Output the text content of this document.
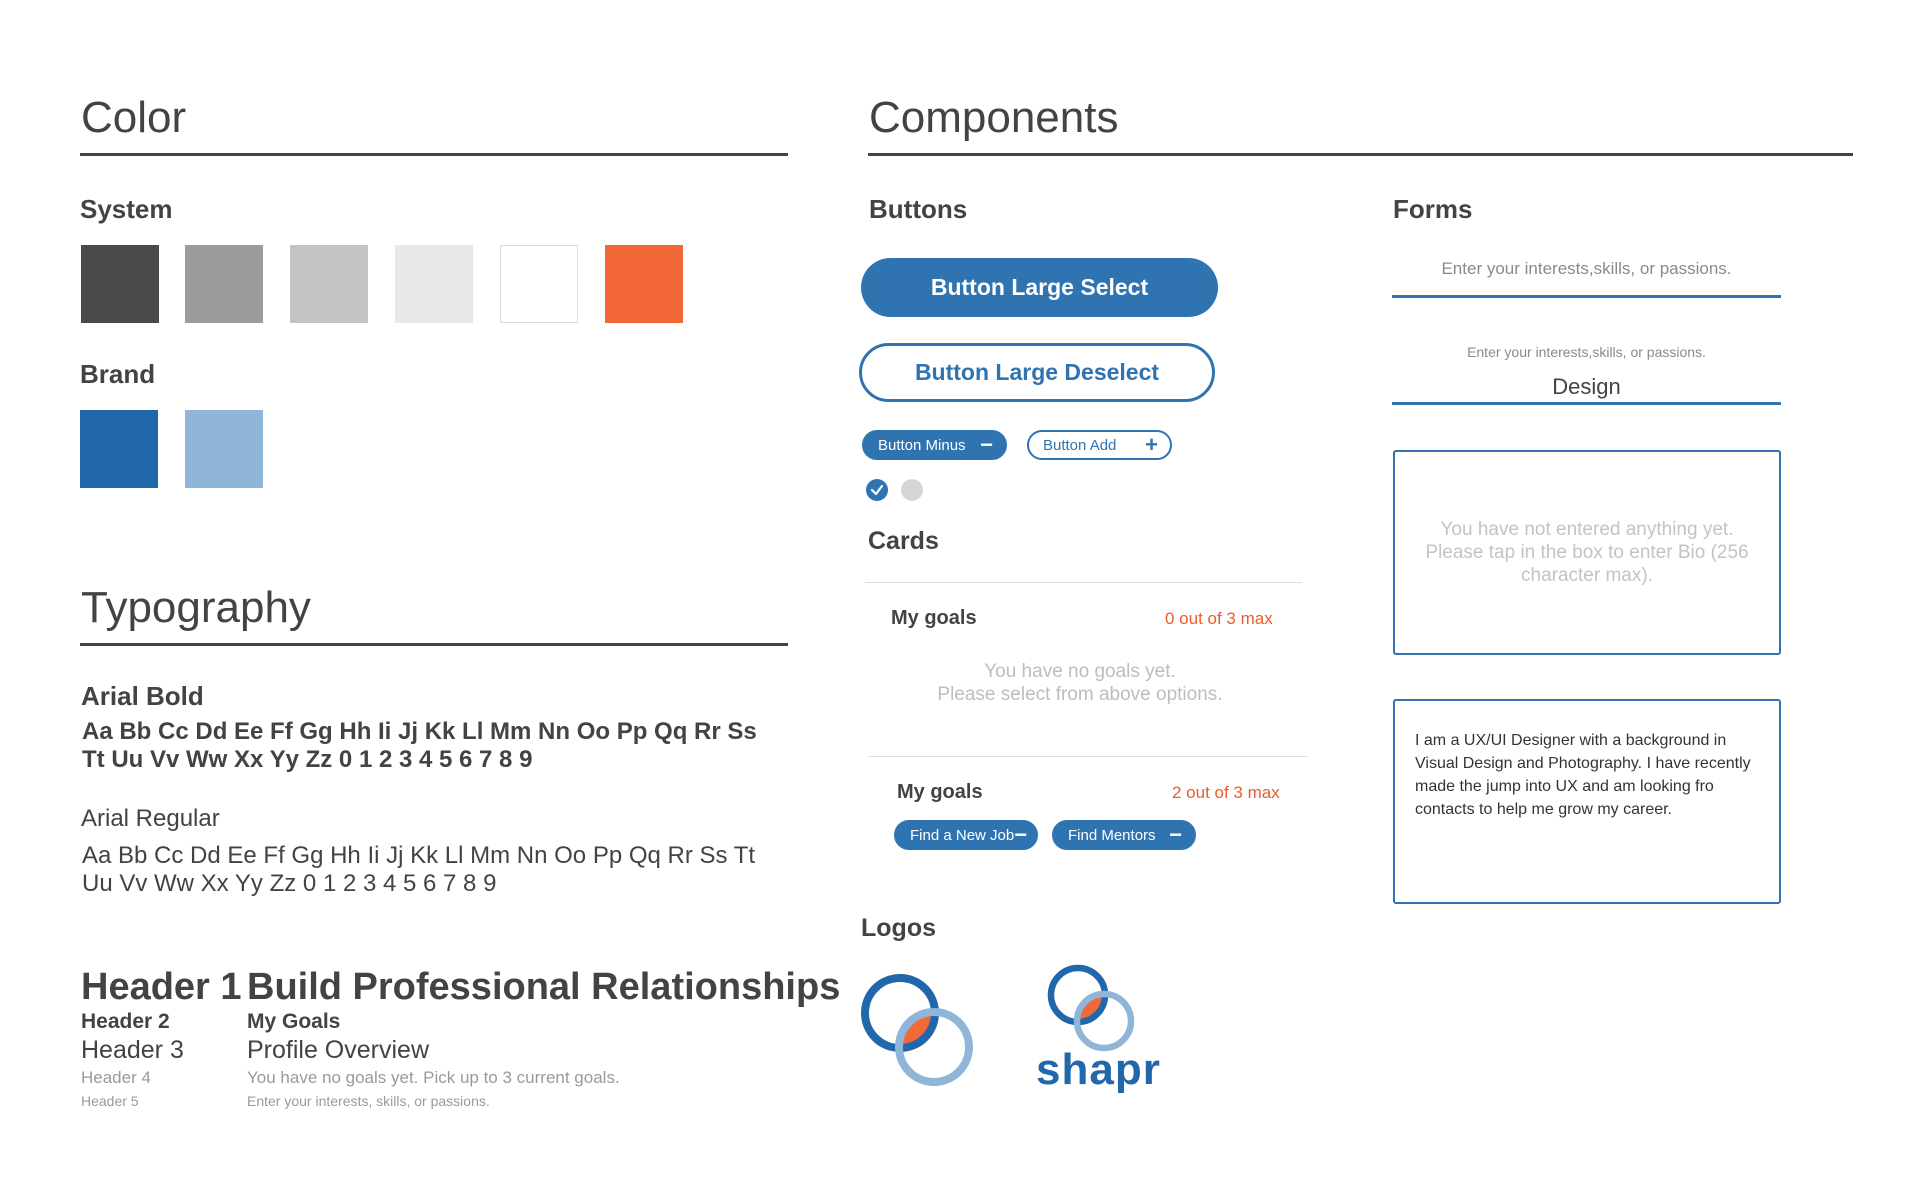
Color
System
Brand
Typography
Arial Bold
Aa Bb Cc Dd Ee Ff Gg Hh Ii Jj Kk Ll Mm Nn Oo Pp Qq Rr Ss
Tt Uu Vv Ww Xx Yy Zz 0 1 2 3 4 5 6 7 8 9
Arial Regular
Aa Bb Cc Dd Ee Ff Gg Hh Ii Jj Kk Ll Mm Nn Oo Pp Qq Rr Ss Tt
Uu Vv Ww Xx Yy Zz 0 1 2 3 4 5 6 7 8 9
Header 1 Build Professional Relationships
Header 2	My Goals
Header 3	Profile Overview
Header 4	You have no goals yet. Pick up to 3 current goals.
Header 5	Enter your interests, skills, or passions.
Components
Buttons
Button Large Select
Button Large Deselect
Button Minus −	Button Add +
Cards
My goals	0 out of 3 max
You have no goals yet.
Please select from above options.
My goals	2 out of 3 max
Find a New Job −	Find Mentors −
Logos
shapr
Forms
Enter your interests,skills, or passions.
Enter your interests,skills, or passions.
Design
You have not entered anything yet. Please tap in the box to enter Bio (256 character max).
I am a UX/UI Designer with a background in Visual Design and Photography. I have recently made the jump into UX and am looking fro contacts to help me grow my career.
